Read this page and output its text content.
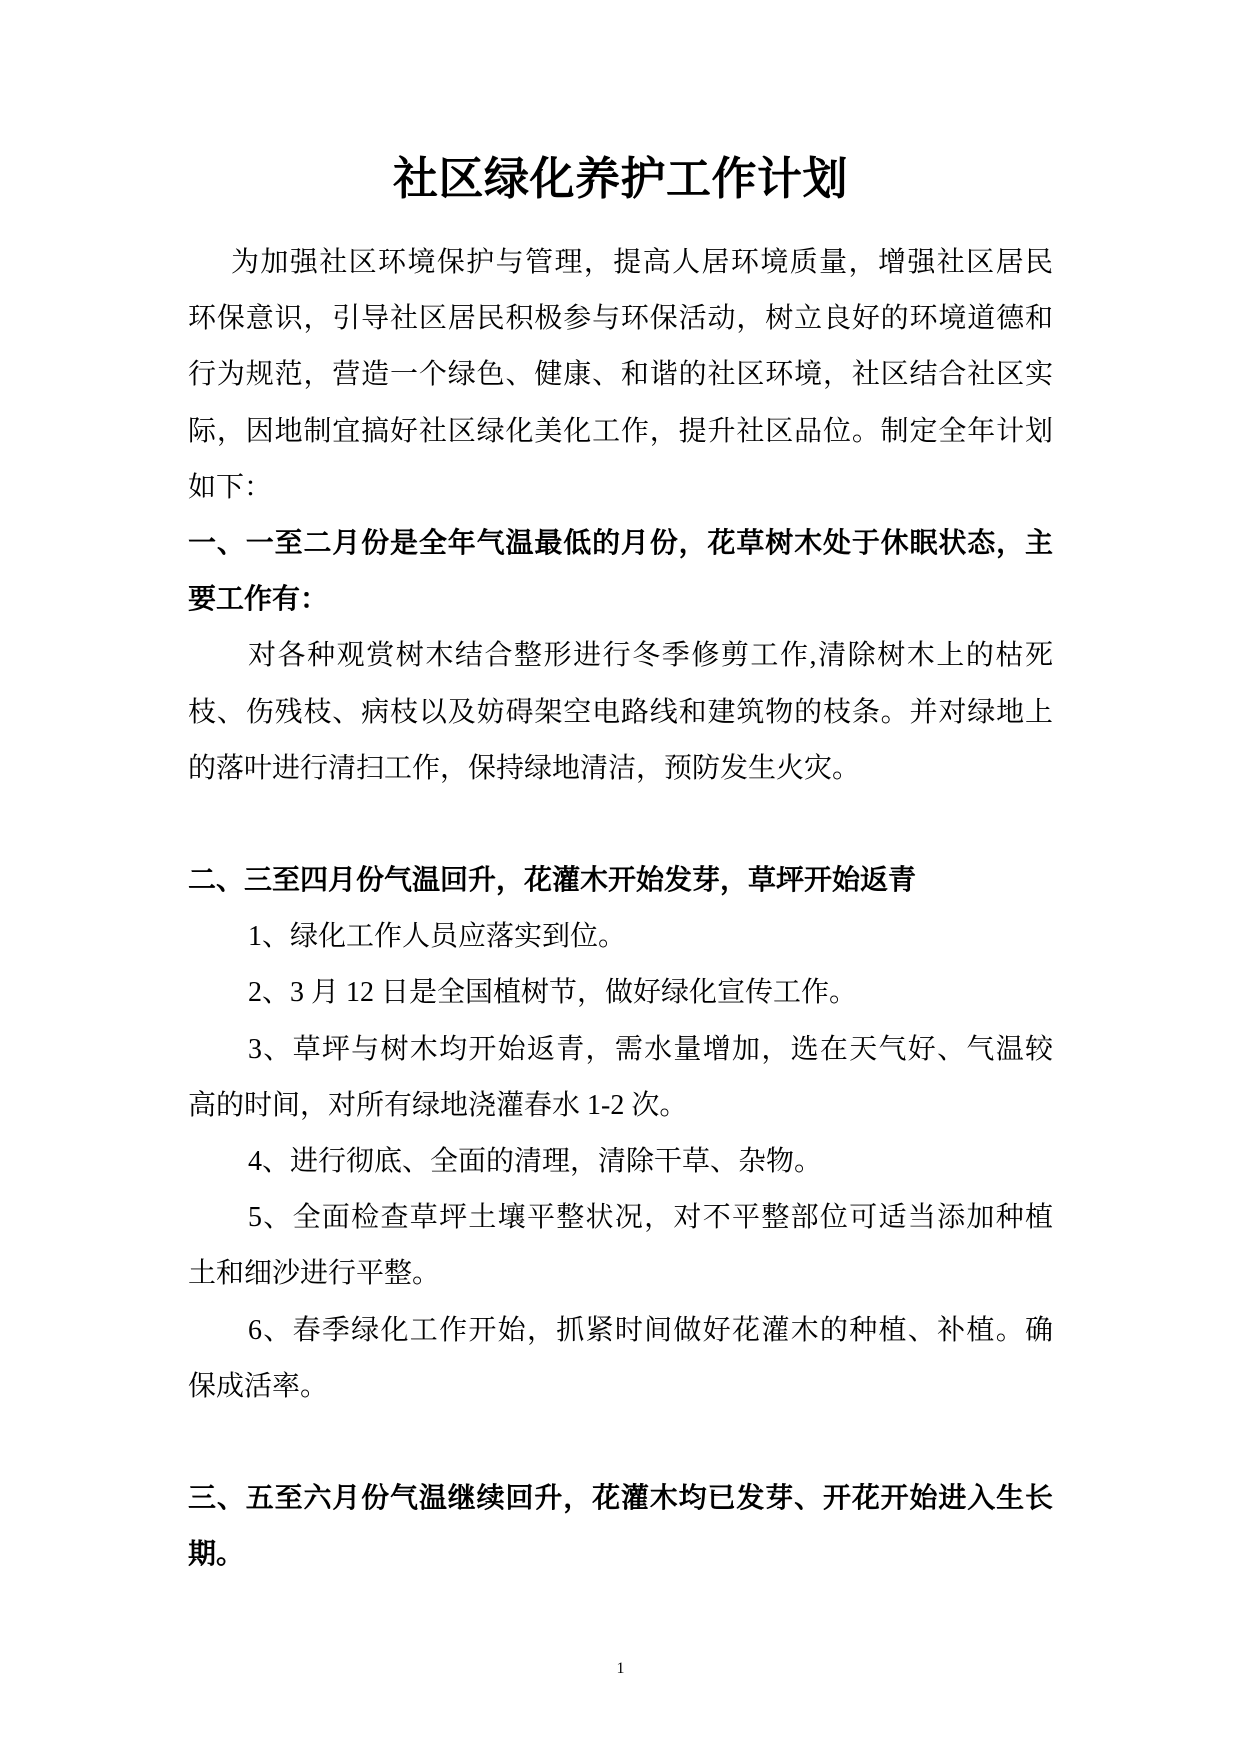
社区绿化养护工作计划
为加强社区环境保护与管理，提高人居环境质量，增强社区居民
环保意识，引导社区居民积极参与环保活动，树立良好的环境道德和
行为规范，营造一个绿色、健康、和谐的社区环境，社区结合社区实
际，因地制宜搞好社区绿化美化工作，提升社区品位。制定全年计划
如下：
一、一至二月份是全年气温最低的月份，花草树木处于休眠状态，主
要工作有：
对各种观赏树木结合整形进行冬季修剪工作,清除树木上的枯死
枝、伤残枝、病枝以及妨碍架空电路线和建筑物的枝条。并对绿地上
的落叶进行清扫工作，保持绿地清洁，预防发生火灾。
二、三至四月份气温回升，花灌木开始发芽，草坪开始返青
1、绿化工作人员应落实到位。
2、3 月 12 日是全国植树节，做好绿化宣传工作。
3、草坪与树木均开始返青，需水量增加，选在天气好、气温较
高的时间，对所有绿地浇灌春水 1-2 次。
4、进行彻底、全面的清理，清除干草、杂物。
5、全面检查草坪土壤平整状况，对不平整部位可适当添加种植
土和细沙进行平整。
6、春季绿化工作开始，抓紧时间做好花灌木的种植、补植。确
保成活率。
三、五至六月份气温继续回升，花灌木均已发芽、开花开始进入生长
期。
1
